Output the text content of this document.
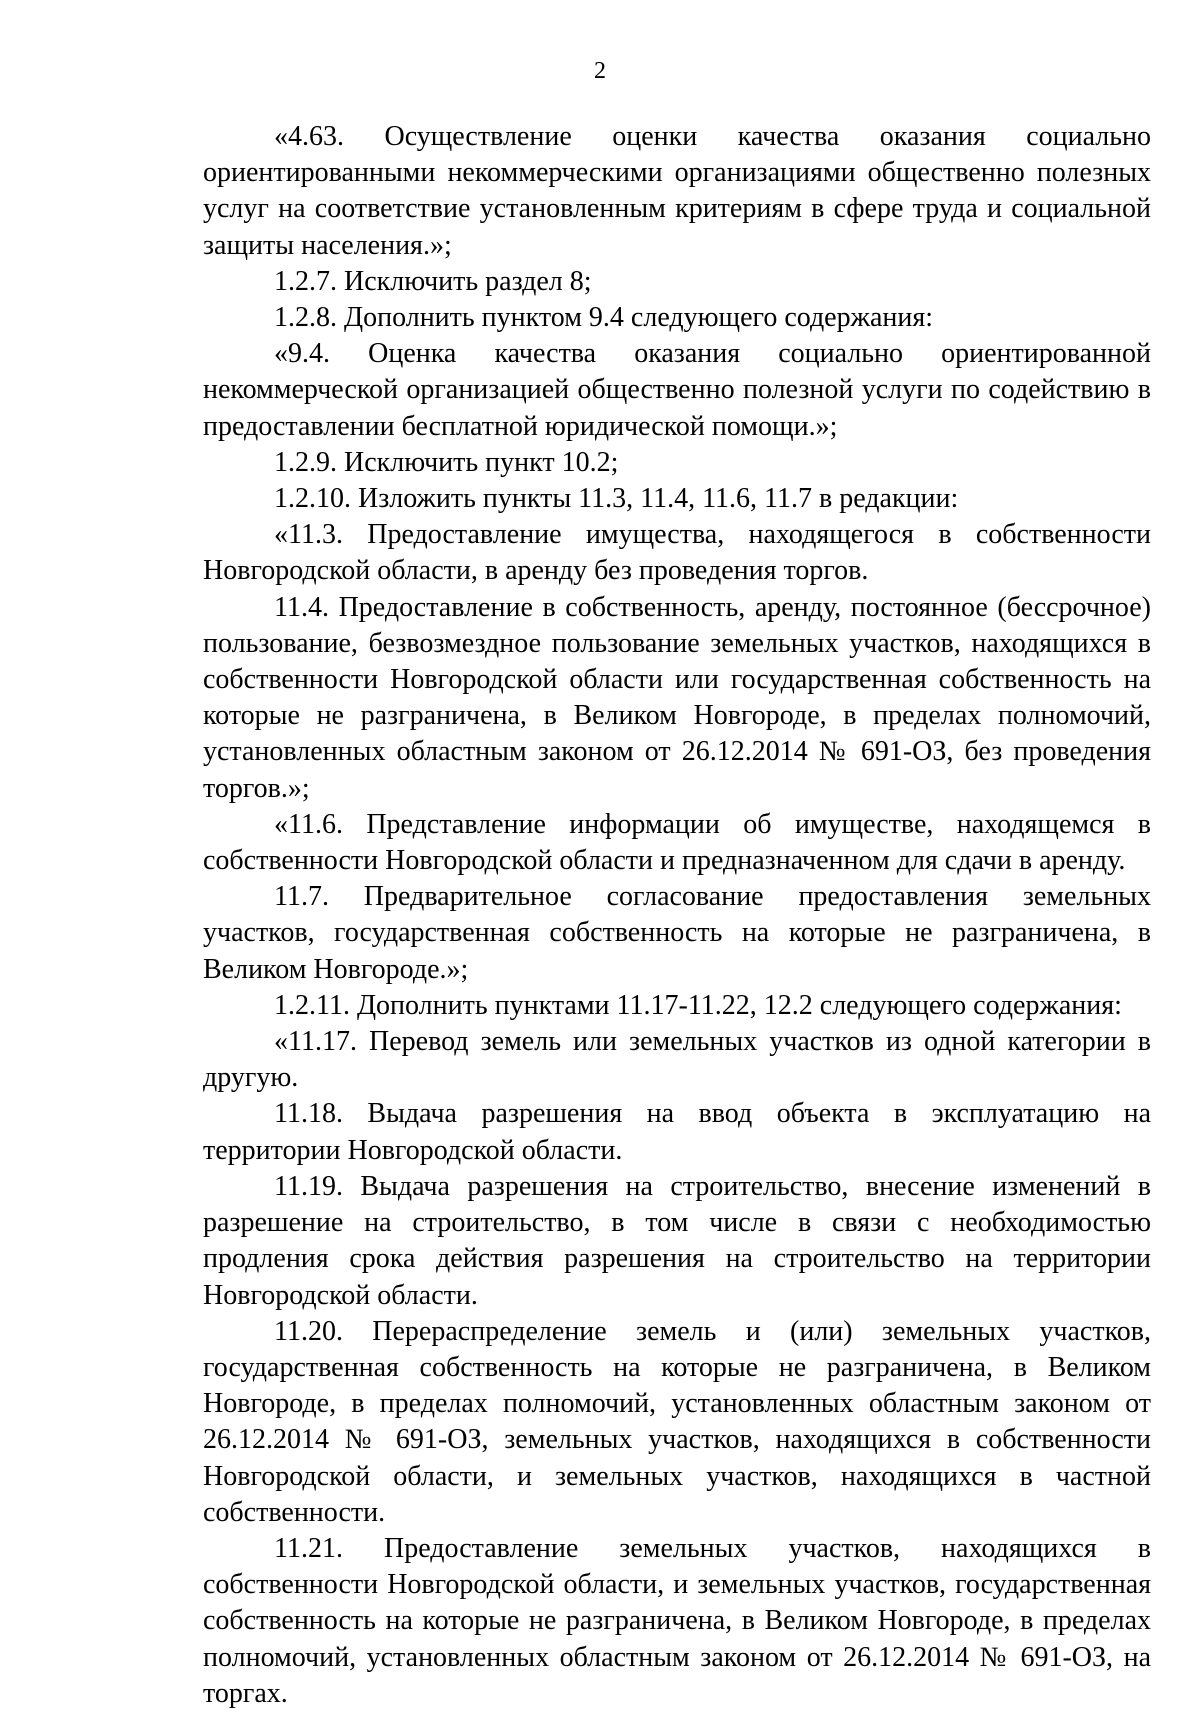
2

«4.63. Осуществление оценки качества оказания социально ориентированными некоммерческими организациями общественно полезных услуг на соответствие установленным критериям в сфере труда и социальной защиты населения.»;

1.2.7. Исключить раздел 8;

1.2.8. Дополнить пунктом 9.4 следующего содержания:

«9.4. Оценка качества оказания социально ориентированной некоммерческой организацией общественно полезной услуги по содействию в предоставлении бесплатной юридической помощи.»;

1.2.9. Исключить пункт 10.2;

1.2.10. Изложить пункты 11.3, 11.4, 11.6, 11.7 в редакции:

«11.3. Предоставление имущества, находящегося в собственности Новгородской области, в аренду без проведения торгов.

11.4. Предоставление в собственность, аренду, постоянное (бессрочное) пользование, безвозмездное пользование земельных участков, находящихся в собственности Новгородской области или государственная собственность на которые не разграничена, в Великом Новгороде, в пределах полномочий, установленных областным законом от 26.12.2014 № 691-ОЗ, без проведения торгов.»;

«11.6. Представление информации об имуществе, находящемся в собственности Новгородской области и предназначенном для сдачи в аренду.

11.7. Предварительное согласование предоставления земельных участков, государственная собственность на которые не разграничена, в Великом Новгороде.»;

1.2.11. Дополнить пунктами 11.17-11.22, 12.2 следующего содержания:

«11.17. Перевод земель или земельных участков из одной категории в другую.

11.18. Выдача разрешения на ввод объекта в эксплуатацию на территории Новгородской области.

11.19. Выдача разрешения на строительство, внесение изменений в разрешение на строительство, в том числе в связи с необходимостью продления срока действия разрешения на строительство на территории Новгородской области.

11.20. Перераспределение земель и (или) земельных участков, государственная собственность на которые не разграничена, в Великом Новгороде, в пределах полномочий, установленных областным законом от 26.12.2014 № 691-ОЗ, земельных участков, находящихся в собственности Новгородской области, и земельных участков, находящихся в частной собственности.

11.21. Предоставление земельных участков, находящихся в собственности Новгородской области, и земельных участков, государственная собственность на которые не разграничена, в Великом Новгороде, в пределах полномочий, установленных областным законом от 26.12.2014 № 691-ОЗ, на торгах.
